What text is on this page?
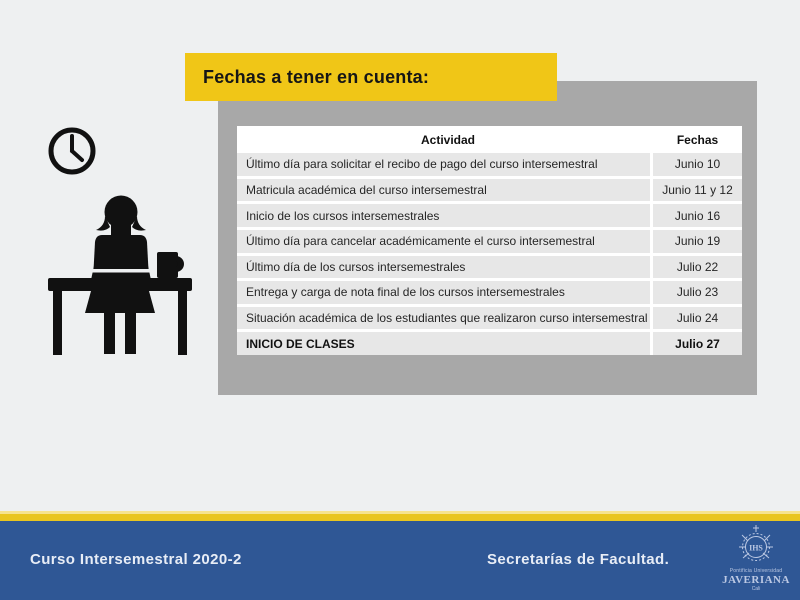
Fechas a tener en cuenta:
Actividad	Fechas
Último día para solicitar el recibo de pago del curso intersemestral	Junio 10
Matricula académica del curso intersemestral	Junio 11 y 12
Inicio de los cursos intersemestrales	Junio 16
Último día para cancelar académicamente el curso intersemestral	Junio 19
Último día de los cursos intersemestrales	Julio 22
Entrega y carga de nota final de los cursos intersemestrales	Julio 23
Situación académica de los estudiantes que realizaron curso intersemestral	Julio 24
INICIO DE CLASES	Julio 27
Curso Intersemestral 2020-2	Secretarías de Facultad.
IHS
Pontificia Universidad
JAVERIANA
Cali
